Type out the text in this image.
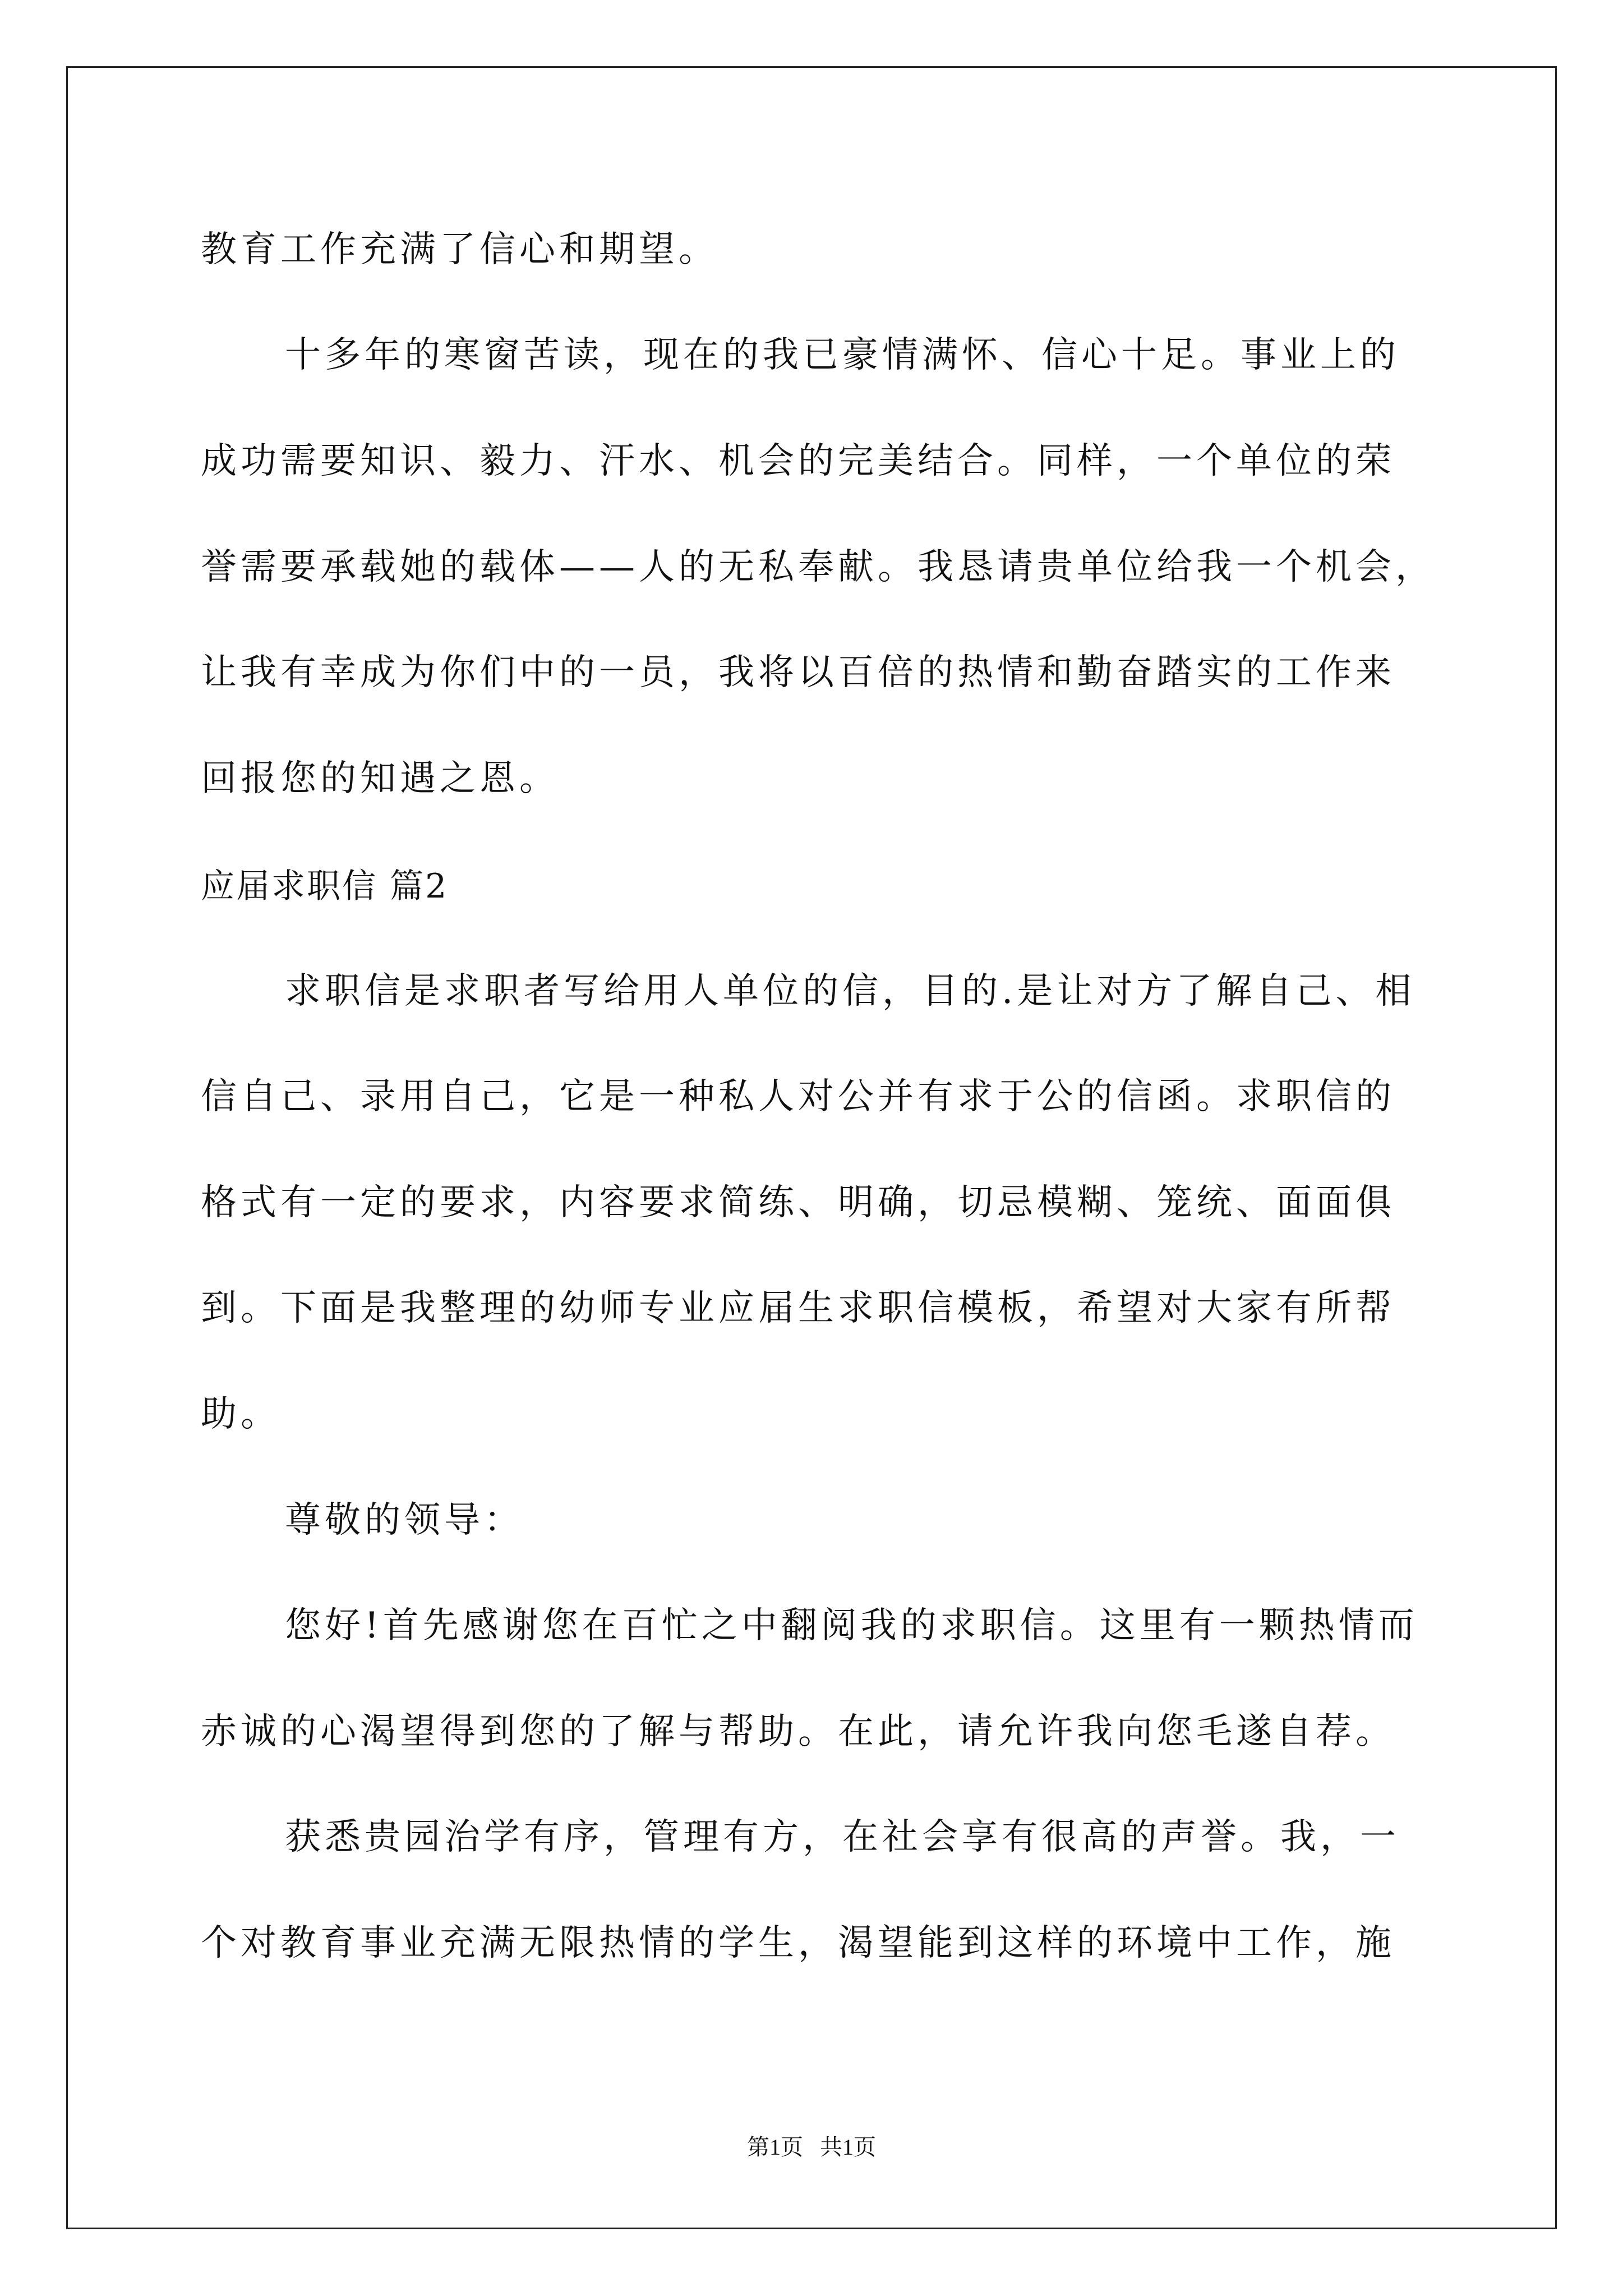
教育工作充满了信心和期望。
十多年的寒窗苦读，现在的我已豪情满怀、信心十足。事业上的
成功需要知识、毅力、汗水、机会的完美结合。同样，一个单位的荣
誉需要承载她的载体——人的无私奉献。我恳请贵单位给我一个机会，
让我有幸成为你们中的一员，我将以百倍的热情和勤奋踏实的工作来
回报您的知遇之恩。
应届求职信 篇2
求职信是求职者写给用人单位的信，目的.是让对方了解自己、相
信自己、录用自己，它是一种私人对公并有求于公的信函。求职信的
格式有一定的要求，内容要求简练、明确，切忌模糊、笼统、面面俱
到。下面是我整理的幼师专业应届生求职信模板，希望对大家有所帮
助。
尊敬的领导：
您好!首先感谢您在百忙之中翻阅我的求职信。这里有一颗热情而
赤诚的心渴望得到您的了解与帮助。在此，请允许我向您毛遂自荐。
获悉贵园治学有序，管理有方，在社会享有很高的声誉。我，一
个对教育事业充满无限热情的学生，渴望能到这样的环境中工作，施
第1页 共1页
